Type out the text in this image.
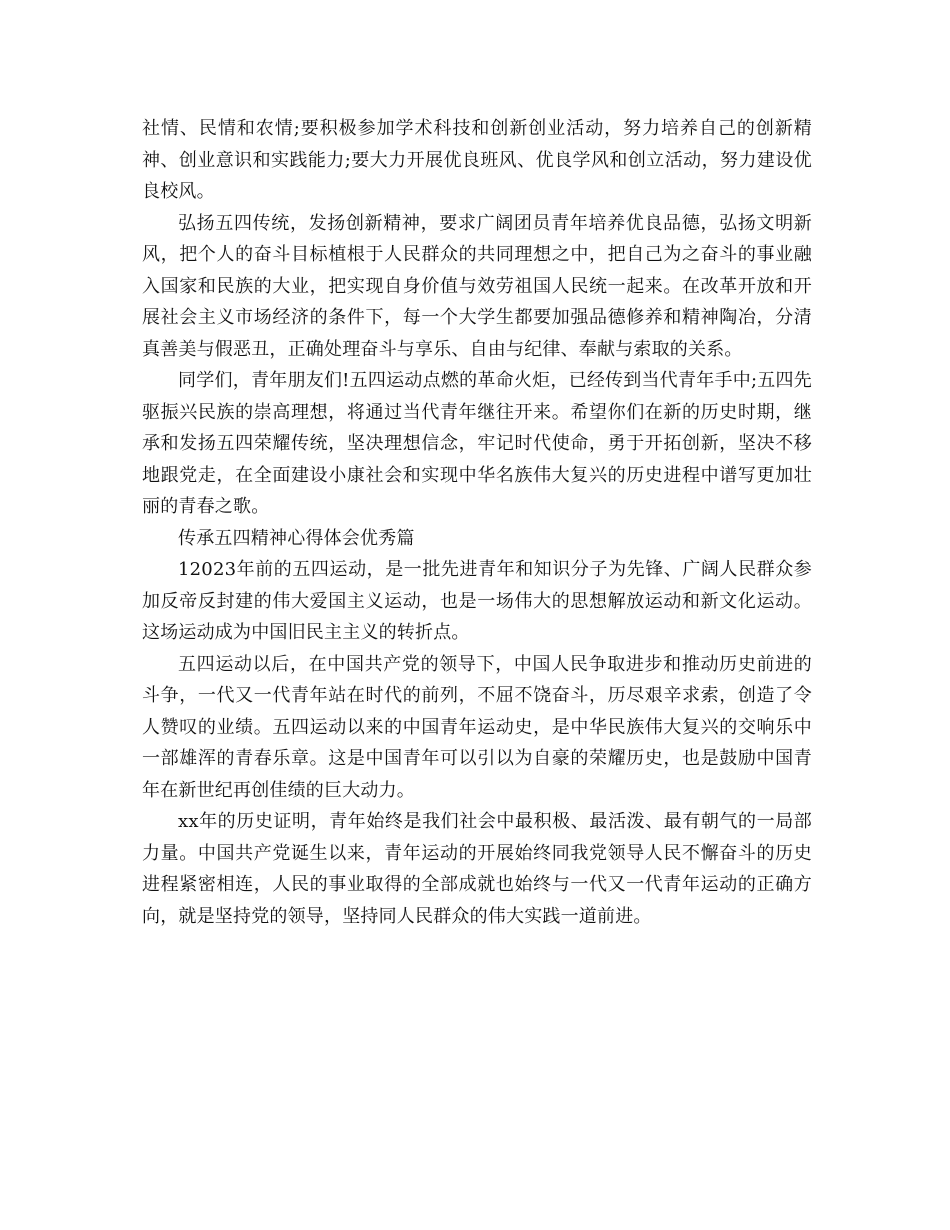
社情、民情和农情;要积极参加学术科技和创新创业活动，努力培养自己的创新精神、创业意识和实践能力;要大力开展优良班风、优良学风和创立活动，努力建设优良校风。

弘扬五四传统，发扬创新精神，要求广阔团员青年培养优良品德，弘扬文明新风，把个人的奋斗目标植根于人民群众的共同理想之中，把自己为之奋斗的事业融入国家和民族的大业，把实现自身价值与效劳祖国人民统一起来。在改革开放和开展社会主义市场经济的条件下，每一个大学生都要加强品德修养和精神陶冶，分清真善美与假恶丑，正确处理奋斗与享乐、自由与纪律、奉献与索取的关系。

同学们，青年朋友们!五四运动点燃的革命火炬，已经传到当代青年手中;五四先驱振兴民族的崇高理想，将通过当代青年继往开来。希望你们在新的历史时期，继承和发扬五四荣耀传统，坚决理想信念，牢记时代使命，勇于开拓创新，坚决不移地跟党走，在全面建设小康社会和实现中华名族伟大复兴的历史进程中谱写更加壮丽的青春之歌。

传承五四精神心得体会优秀篇

12023年前的五四运动，是一批先进青年和知识分子为先锋、广阔人民群众参加反帝反封建的伟大爱国主义运动，也是一场伟大的思想解放运动和新文化运动。这场运动成为中国旧民主主义的转折点。

五四运动以后，在中国共产党的领导下，中国人民争取进步和推动历史前进的斗争，一代又一代青年站在时代的前列，不屈不饶奋斗，历尽艰辛求索，创造了令人赞叹的业绩。五四运动以来的中国青年运动史，是中华民族伟大复兴的交响乐中一部雄浑的青春乐章。这是中国青年可以引以为自豪的荣耀历史，也是鼓励中国青年在新世纪再创佳绩的巨大动力。

xx年的历史证明，青年始终是我们社会中最积极、最活泼、最有朝气的一局部力量。中国共产党诞生以来，青年运动的开展始终同我党领导人民不懈奋斗的历史进程紧密相连，人民的事业取得的全部成就也始终与一代又一代青年运动的正确方向，就是坚持党的领导，坚持同人民群众的伟大实践一道前进。
